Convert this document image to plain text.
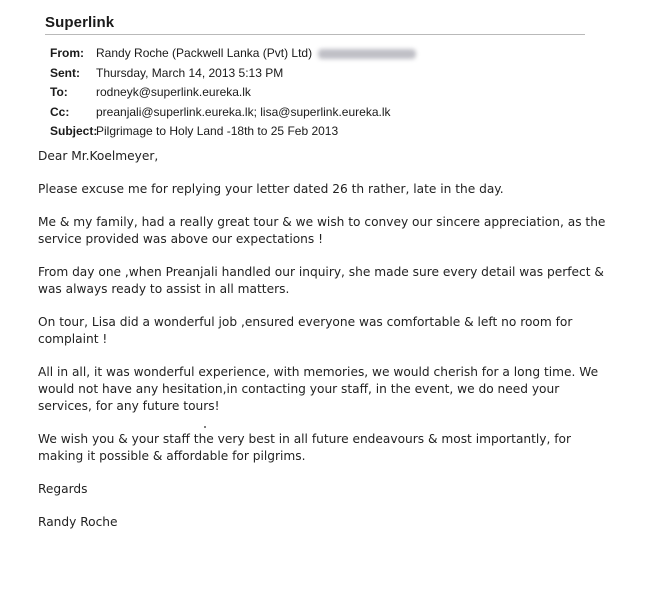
Superlink
From:	Randy Roche (Packwell Lanka (Pvt) Ltd)
Sent:	Thursday, March 14, 2013 5:13 PM
To:	rodneyk@superlink.eureka.lk
Cc:	preanjali@superlink.eureka.lk; lisa@superlink.eureka.lk
Subject:
Pilgrimage to Holy Land -18th to 25 Feb 2013

Dear Mr.Koelmeyer,

Please excuse me for replying your letter dated 26 th rather, late in the day.

Me & my family, had a really great tour & we wish to convey our sincere appreciation, as the service provided was above our expectations !

From day one ,when Preanjali handled our inquiry, she made sure every detail was perfect & was always ready to assist in all matters.

On tour, Lisa did a wonderful job ,ensured everyone was comfortable & left no room for complaint !

All in all, it was wonderful experience, with memories, we would cherish for a long time. We would not have any hesitation,in contacting your staff, in the event, we do need your services, for any future tours!

We wish you & your staff the very best in all future endeavours & most importantly, for making it possible & affordable for pilgrims.

Regards

Randy Roche
